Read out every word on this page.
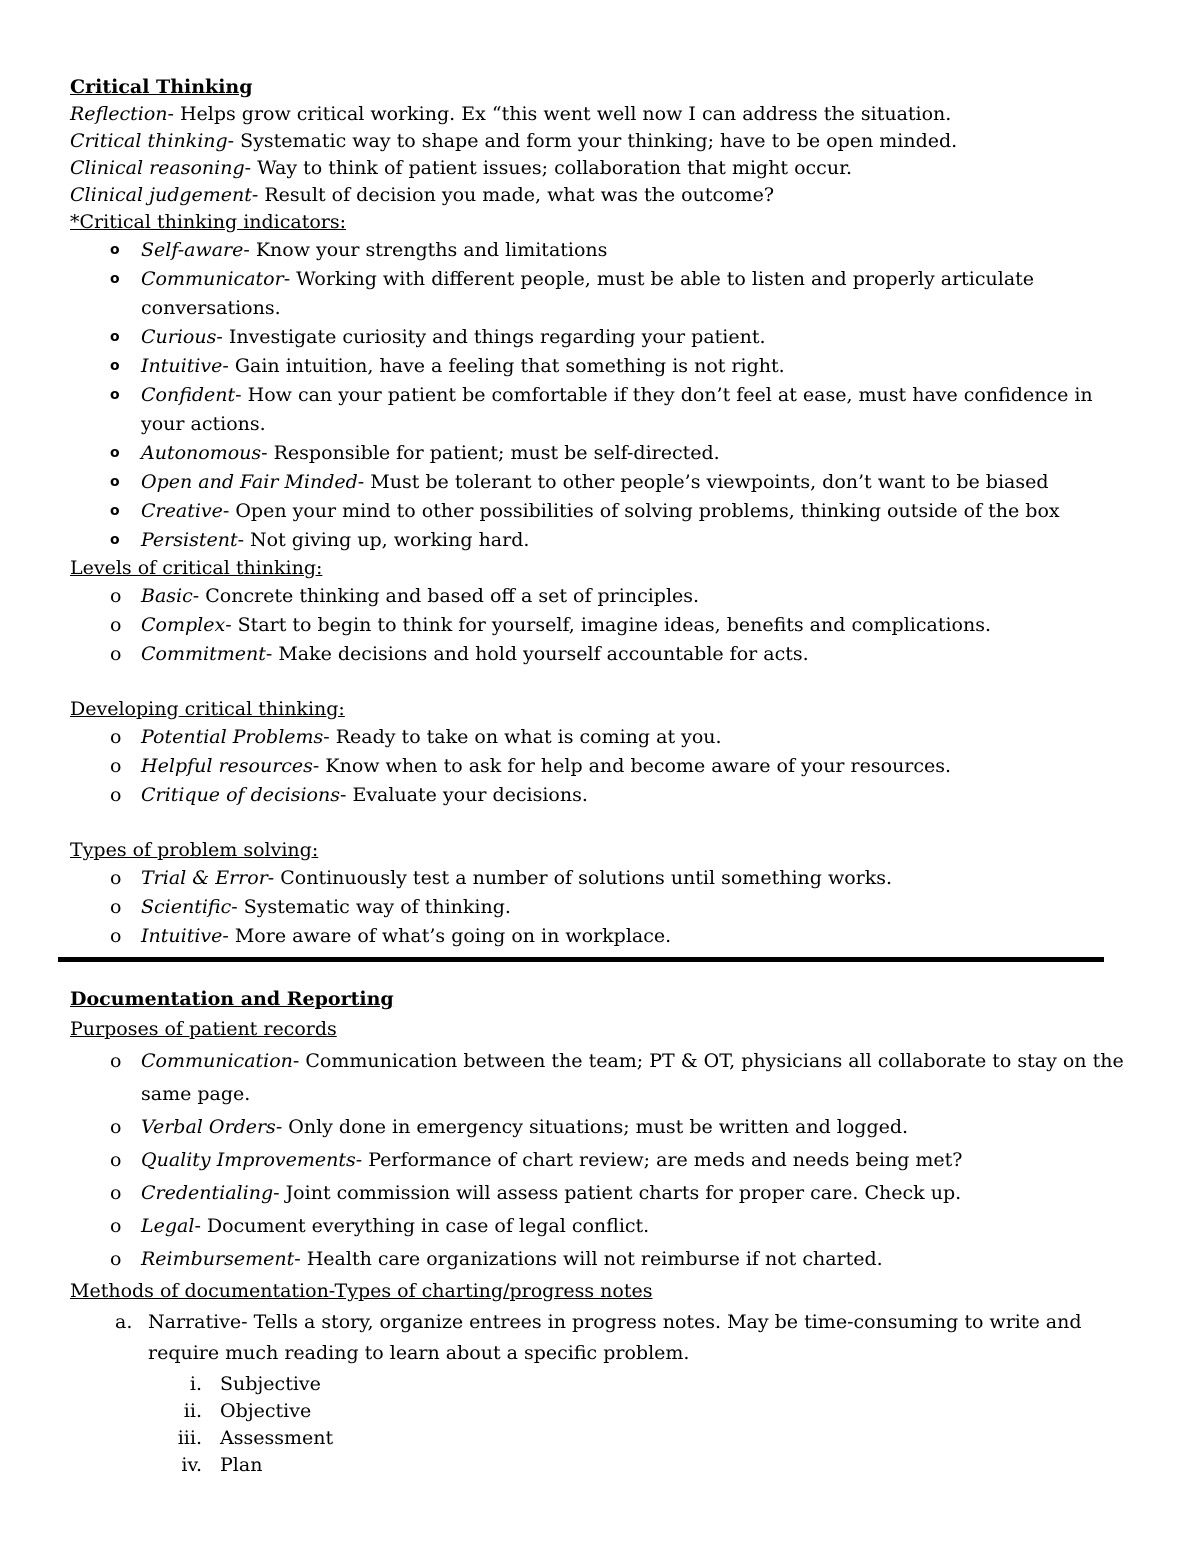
Critical Thinking
Reflection- Helps grow critical working. Ex “this went well now I can address the situation.
Critical thinking- Systematic way to shape and form your thinking; have to be open minded.
Clinical reasoning- Way to think of patient issues; collaboration that might occur.
Clinical judgement- Result of decision you made, what was the outcome?
*Critical thinking indicators:
o Self-aware- Know your strengths and limitations
o Communicator- Working with different people, must be able to listen and properly articulate conversations.
o Curious- Investigate curiosity and things regarding your patient.
o Intuitive- Gain intuition, have a feeling that something is not right.
o Confident- How can your patient be comfortable if they don’t feel at ease, must have confidence in your actions.
o Autonomous- Responsible for patient; must be self-directed.
o Open and Fair Minded- Must be tolerant to other people’s viewpoints, don’t want to be biased
o Creative- Open your mind to other possibilities of solving problems, thinking outside of the box
o Persistent- Not giving up, working hard.
Levels of critical thinking:
o Basic- Concrete thinking and based off a set of principles.
o Complex- Start to begin to think for yourself, imagine ideas, benefits and complications.
o Commitment- Make decisions and hold yourself accountable for acts.
Developing critical thinking:
o Potential Problems- Ready to take on what is coming at you.
o Helpful resources- Know when to ask for help and become aware of your resources.
o Critique of decisions- Evaluate your decisions.
Types of problem solving:
o Trial & Error- Continuously test a number of solutions until something works.
o Scientific- Systematic way of thinking.
o Intuitive- More aware of what’s going on in workplace.
Documentation and Reporting
Purposes of patient records
o Communication- Communication between the team; PT & OT, physicians all collaborate to stay on the same page.
o Verbal Orders- Only done in emergency situations; must be written and logged.
o Quality Improvements- Performance of chart review; are meds and needs being met?
o Credentialing- Joint commission will assess patient charts for proper care. Check up.
o Legal- Document everything in case of legal conflict.
o Reimbursement- Health care organizations will not reimburse if not charted.
Methods of documentation-Types of charting/progress notes
a. Narrative- Tells a story, organize entrees in progress notes. May be time-consuming to write and require much reading to learn about a specific problem.
i. Subjective
ii. Objective
iii. Assessment
iv. Plan
